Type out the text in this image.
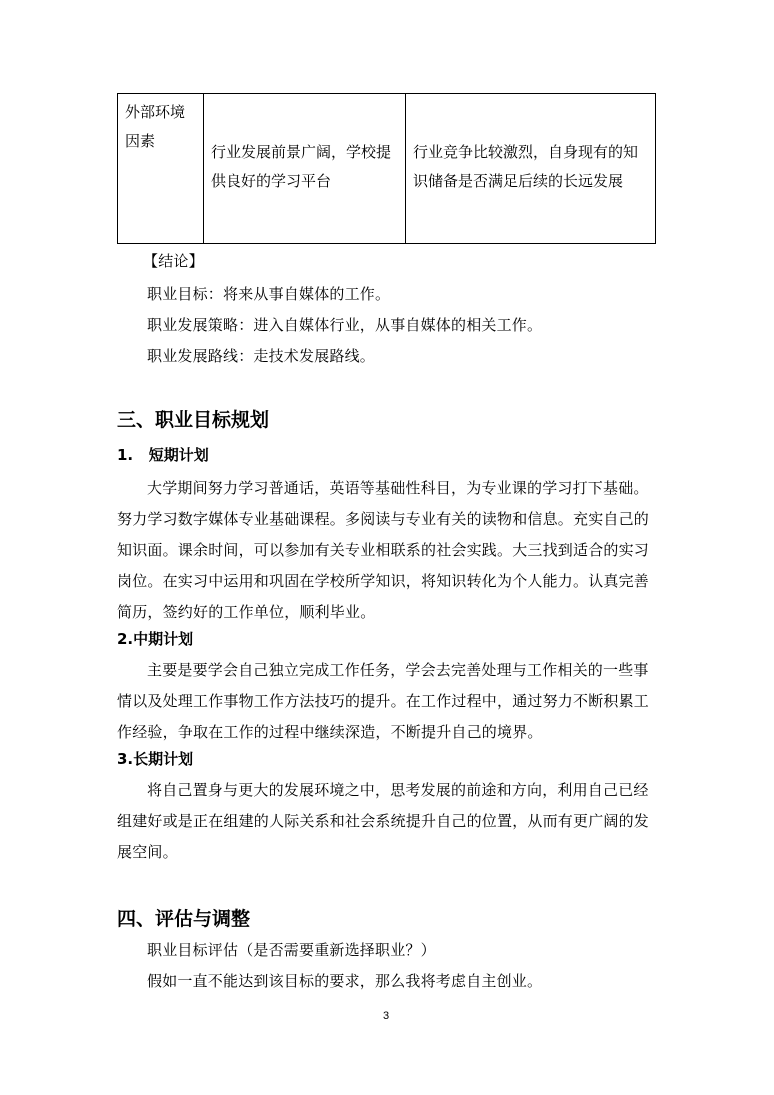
外部环境因素	行业发展前景广阔，学校提供良好的学习平台	行业竞争比较激烈，自身现有的知识储备是否满足后续的长远发展
【结论】
职业目标：将来从事自媒体的工作。
职业发展策略：进入自媒体行业，从事自媒体的相关工作。
职业发展路线：走技术发展路线。
三、职业目标规划
1.   短期计划
大学期间努力学习普通话，英语等基础性科目，为专业课的学习打下基础。
努力学习数字媒体专业基础课程。多阅读与专业有关的读物和信息。充实自己的
知识面。课余时间，可以参加有关专业相联系的社会实践。大三找到适合的实习
岗位。在实习中运用和巩固在学校所学知识，将知识转化为个人能力。认真完善
简历，签约好的工作单位，顺利毕业。
2.中期计划
主要是要学会自己独立完成工作任务，学会去完善处理与工作相关的一些事
情以及处理工作事物工作方法技巧的提升。在工作过程中，通过努力不断积累工
作经验，争取在工作的过程中继续深造，不断提升自己的境界。
3.长期计划
将自己置身与更大的发展环境之中，思考发展的前途和方向，利用自己已经
组建好或是正在组建的人际关系和社会系统提升自己的位置，从而有更广阔的发
展空间。
四、评估与调整
职业目标评估（是否需要重新选择职业？）
假如一直不能达到该目标的要求，那么我将考虑自主创业。
3
